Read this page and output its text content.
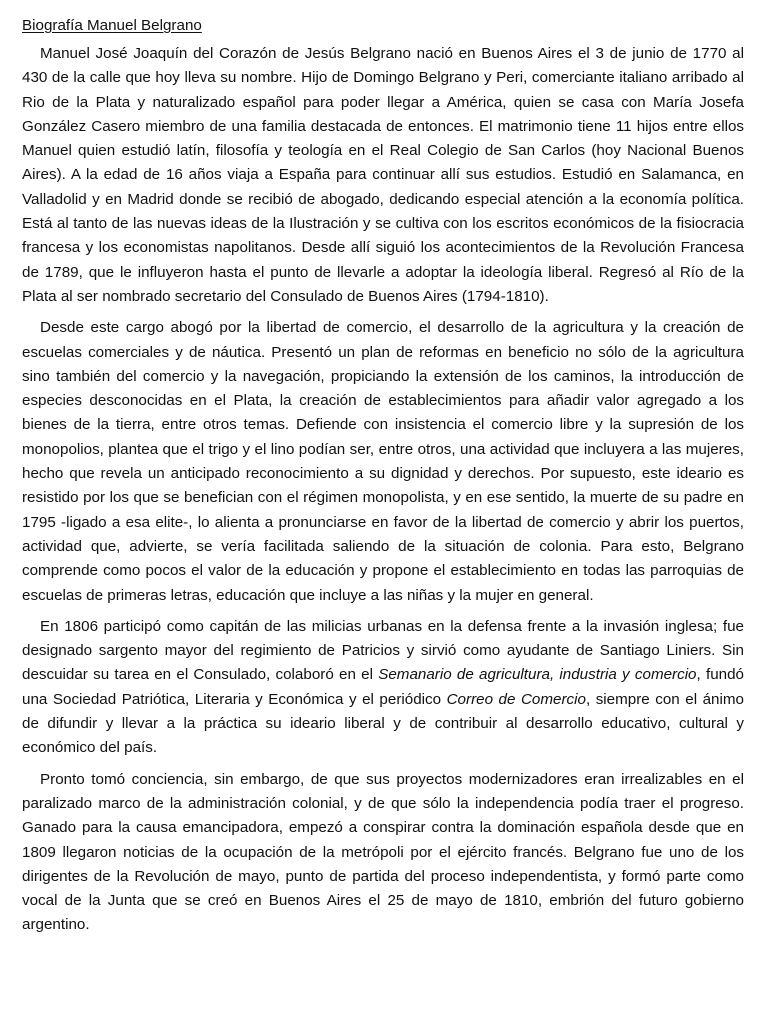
Biografía Manuel Belgrano

Manuel José Joaquín del Corazón de Jesús Belgrano nació en Buenos Aires el 3 de junio de 1770 al 430 de la calle que hoy lleva su nombre. Hijo de Domingo Belgrano y Peri, comerciante italiano arribado al Rio de la Plata y naturalizado español para poder llegar a América, quien se casa con María Josefa González Casero miembro de una familia destacada de entonces. El matrimonio tiene 11 hijos entre ellos Manuel quien estudió latín, filosofía y teología en el Real Colegio de San Carlos (hoy Nacional Buenos Aires). A la edad de 16 años viaja a España para continuar allí sus estudios. Estudió en Salamanca, en Valladolid y en Madrid donde se recibió de abogado, dedicando especial atención a la economía política. Está al tanto de las nuevas ideas de la Ilustración y se cultiva con los escritos económicos de la fisiocracia francesa y los economistas napolitanos. Desde allí siguió los acontecimientos de la Revolución Francesa de 1789, que le influyeron hasta el punto de llevarle a adoptar la ideología liberal. Regresó al Río de la Plata al ser nombrado secretario del Consulado de Buenos Aires (1794-1810).

Desde este cargo abogó por la libertad de comercio, el desarrollo de la agricultura y la creación de escuelas comerciales y de náutica. Presentó un plan de reformas en beneficio no sólo de la agricultura sino también del comercio y la navegación, propiciando la extensión de los caminos, la introducción de especies desconocidas en el Plata, la creación de establecimientos para añadir valor agregado a los bienes de la tierra, entre otros temas. Defiende con insistencia el comercio libre y la supresión de los monopolios, plantea que el trigo y el lino podían ser, entre otros, una actividad que incluyera a las mujeres, hecho que revela un anticipado reconocimiento a su dignidad y derechos. Por supuesto, este ideario es resistido por los que se benefician con el régimen monopolista, y en ese sentido, la muerte de su padre en 1795 -ligado a esa elite-, lo alienta a pronunciarse en favor de la libertad de comercio y abrir los puertos, actividad que, advierte, se vería facilitada saliendo de la situación de colonia. Para esto, Belgrano comprende como pocos el valor de la educación y propone el establecimiento en todas las parroquias de escuelas de primeras letras, educación que incluye a las niñas y la mujer en general.

En 1806 participó como capitán de las milicias urbanas en la defensa frente a la invasión inglesa; fue designado sargento mayor del regimiento de Patricios y sirvió como ayudante de Santiago Liniers. Sin descuidar su tarea en el Consulado, colaboró en el Semanario de agricultura, industria y comercio, fundó una Sociedad Patriótica, Literaria y Económica y el periódico Correo de Comercio, siempre con el ánimo de difundir y llevar a la práctica su ideario liberal y de contribuir al desarrollo educativo, cultural y económico del país.

Pronto tomó conciencia, sin embargo, de que sus proyectos modernizadores eran irrealizables en el paralizado marco de la administración colonial, y de que sólo la independencia podía traer el progreso. Ganado para la causa emancipadora, empezó a conspirar contra la dominación española desde que en 1809 llegaron noticias de la ocupación de la metrópoli por el ejército francés. Belgrano fue uno de los dirigentes de la Revolución de mayo, punto de partida del proceso independentista, y formó parte como vocal de la Junta que se creó en Buenos Aires el 25 de mayo de 1810, embrión del futuro gobierno argentino.
